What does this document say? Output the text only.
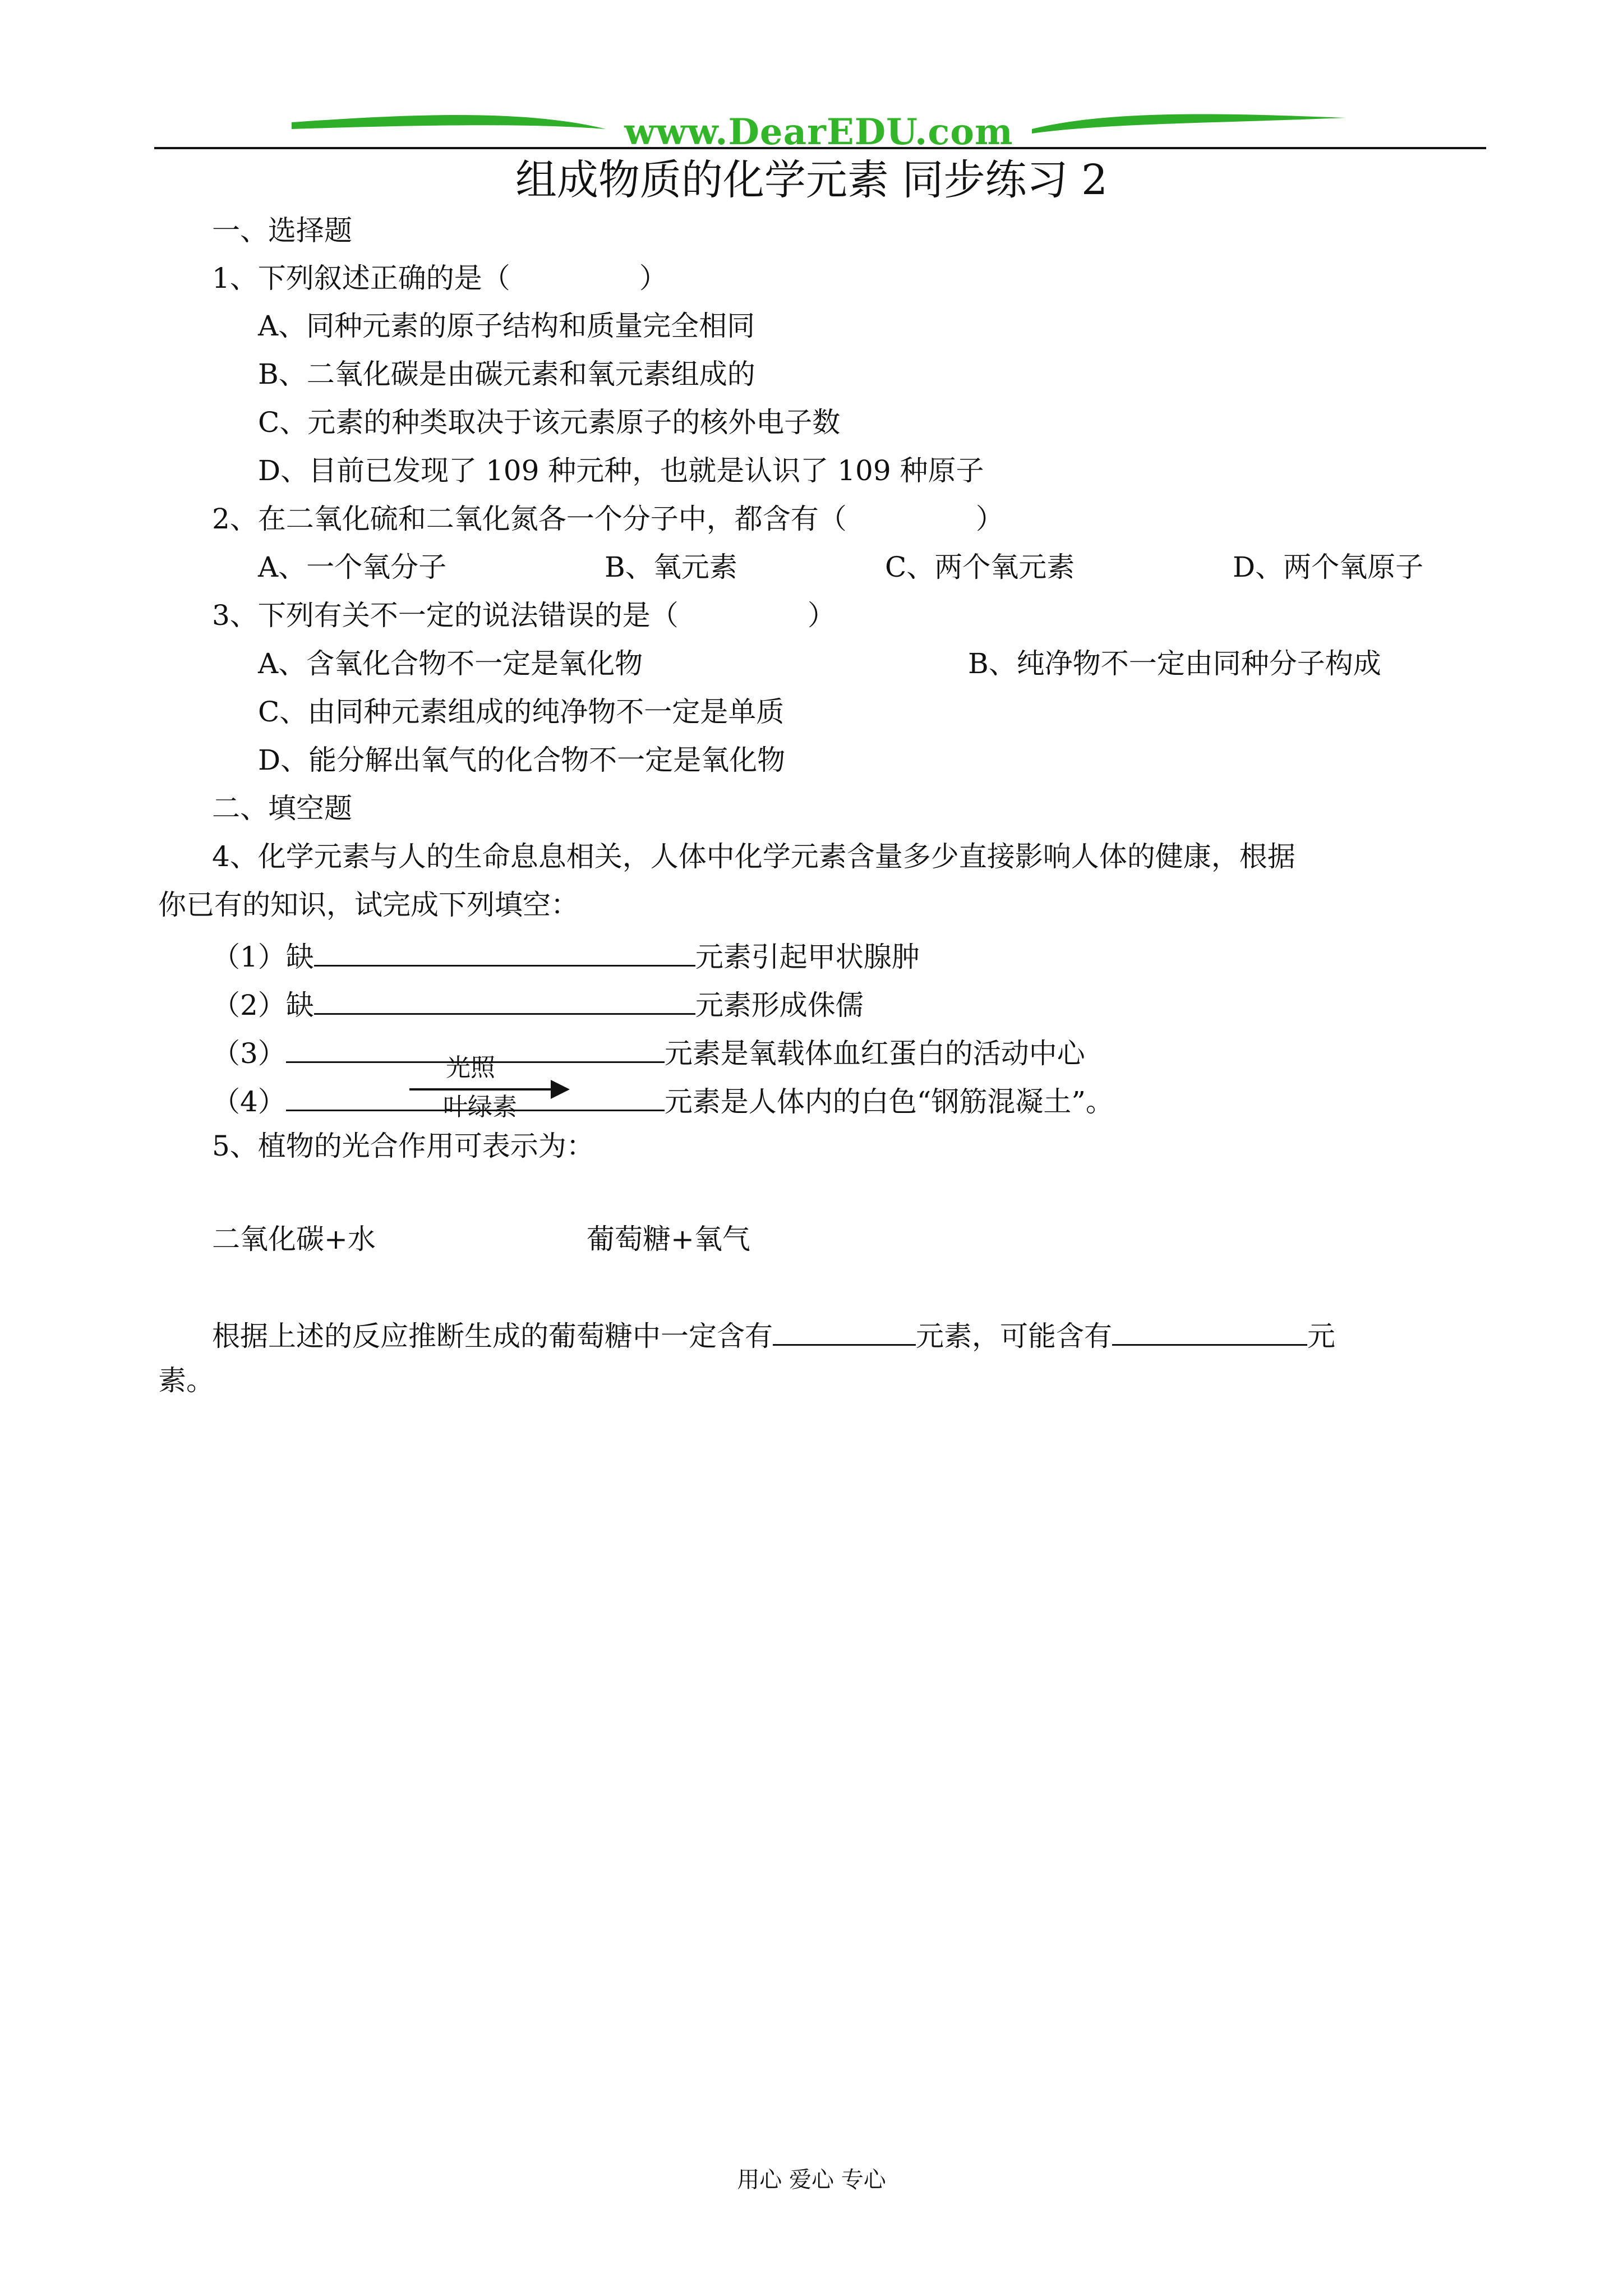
www.DearEDU.com
组成物质的化学元素 同步练习 2
一、选择题
1、下列叙述正确的是（	）
A、同种元素的原子结构和质量完全相同
B、二氧化碳是由碳元素和氧元素组成的
C、元素的种类取决于该元素原子的核外电子数
D、目前已发现了 109 种元种，也就是认识了 109 种原子
2、在二氧化硫和二氧化氮各一个分子中，都含有（	）
A、一个氧分子	B、氧元素	C、两个氧元素	D、两个氧原子
3、下列有关不一定的说法错误的是（	）
A、含氧化合物不一定是氧化物	B、纯净物不一定由同种分子构成
C、由同种元素组成的纯净物不一定是单质
D、能分解出氧气的化合物不一定是氧化物
二、填空题
4、化学元素与人的生命息息相关，人体中化学元素含量多少直接影响人体的健康，根据
你已有的知识，试完成下列填空：
（1）缺	元素引起甲状腺肿
（2）缺	元素形成侏儒
（3）	元素是氧载体血红蛋白的活动中心
（4）	元素是人体内的白色“钢筋混凝土”。
光照
叶绿素
5、植物的光合作用可表示为：
二氧化碳+水	葡萄糖+氧气
根据上述的反应推断生成的葡萄糖中一定含有	元素，可能含有	元
素。
用心 爱心 专心
